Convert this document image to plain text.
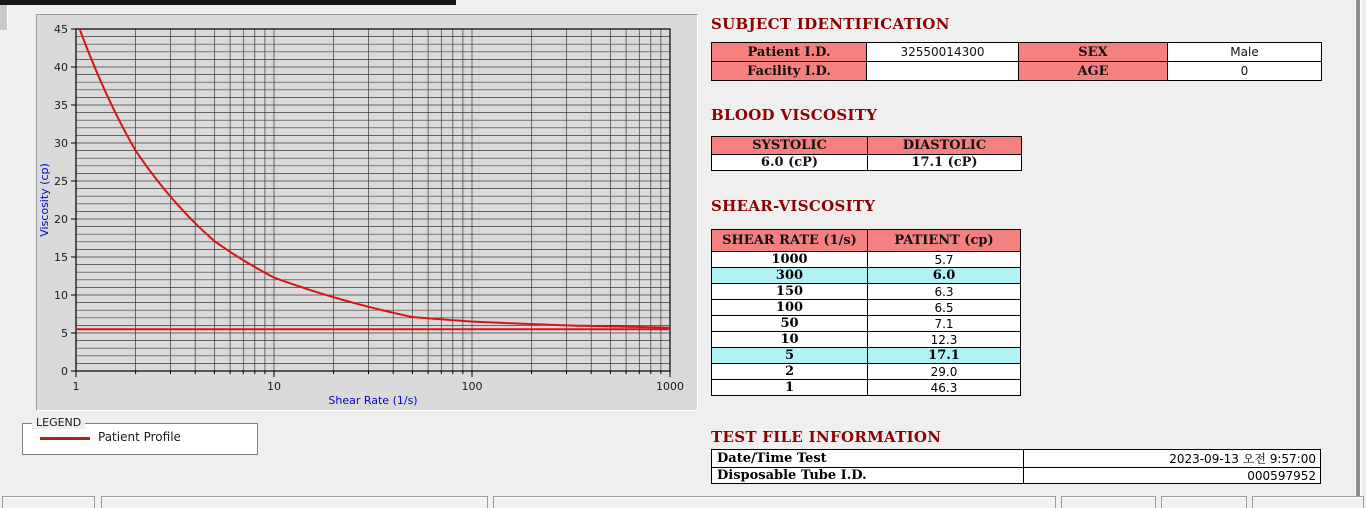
0
5
10
15
20
25
30
35
40
45
1	10	100	1000
Shear Rate (1/s)
Viscosity (cp)
LEGEND
Patient Profile
SUBJECT IDENTIFICATION
Patient I.D.	32550014300	SEX	Male
Facility I.D.		AGE	0
BLOOD VISCOSITY
SYSTOLIC	DIASTOLIC
6.0 (cP)	17.1 (cP)
SHEAR-VISCOSITY
SHEAR RATE (1/s)	PATIENT (cp)
1000	5.7
300	6.0
150	6.3
100	6.5
50	7.1
10	12.3
5	17.1
2	29.0
1	46.3
TEST FILE INFORMATION
Date/Time Test	2023-09-13 오전 9:57:00
Disposable Tube I.D.	000597952
